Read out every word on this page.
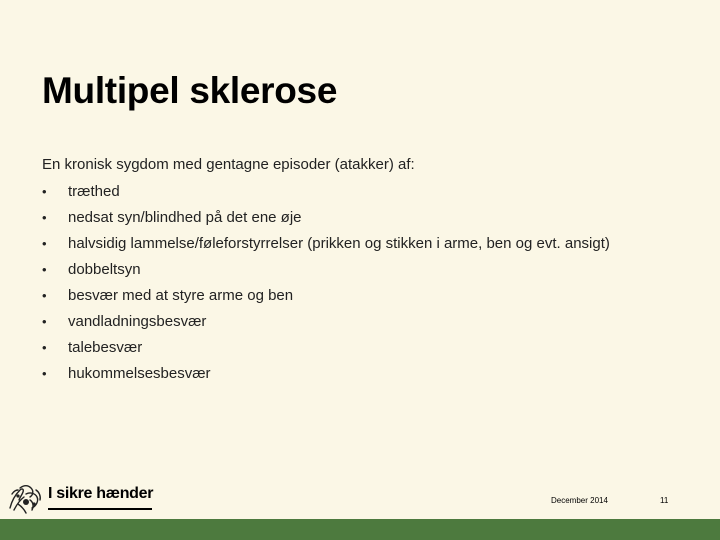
Multipel sklerose
En kronisk sygdom med gentagne episoder (atakker) af:
•	træthed
•	nedsat syn/blindhed på det ene øje
•	halvsidig lammelse/føleforstyrrelser (prikken og stikken i arme, ben og evt. ansigt)
•	dobbeltsyn
•	besvær med at styre arme og ben
•	vandladningsbesvær
•	talebesvær
•	hukommelsesbesvær
I sikre hænder	December 2014	11
